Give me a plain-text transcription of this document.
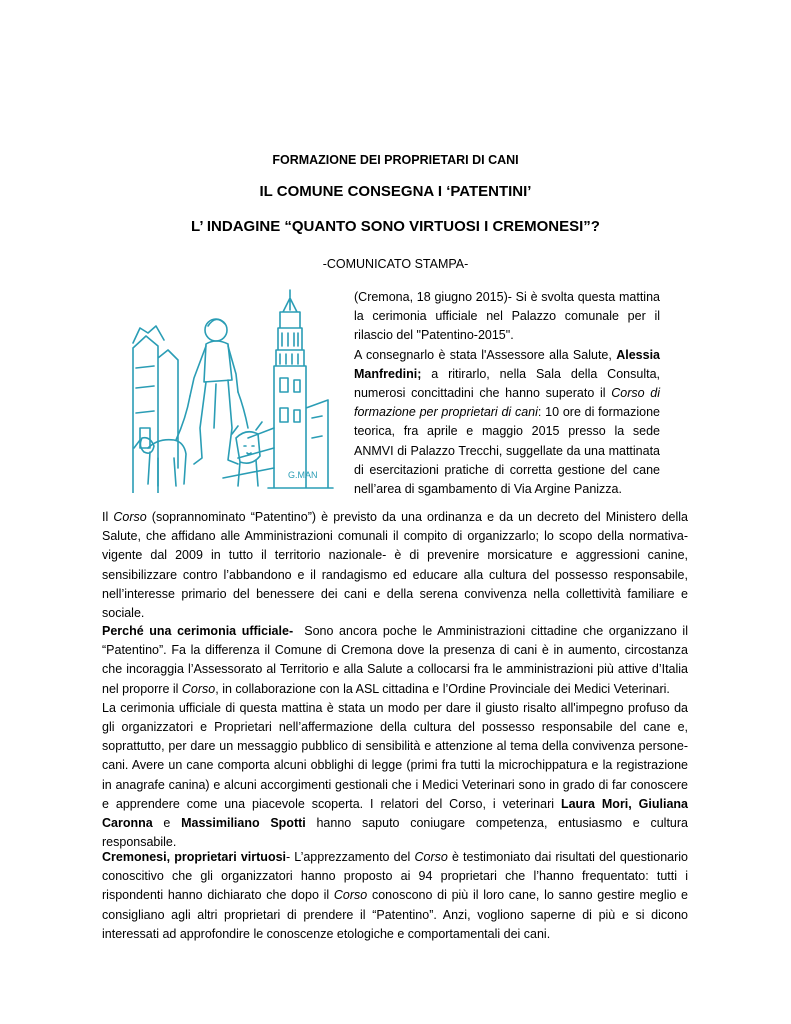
FORMAZIONE DEI PROPRIETARI DI CANI
IL COMUNE CONSEGNA I ‘PATENTINI’
L’ INDAGINE “QUANTO SONO VIRTUOSI I CREMONESI”?
-COMUNICATO STAMPA-
G.MAN

(Cremona, 18 giugno 2015)- Si è svolta questa mattina la cerimonia ufficiale nel Palazzo comunale per il rilascio del "Patentino-2015".

A consegnarlo è stata l'Assessore alla Salute, Alessia Manfredini; a ritirarlo, nella Sala della Consulta, numerosi concittadini che hanno superato il Corso di formazione per proprietari di cani: 10 ore di formazione teorica, fra aprile e maggio 2015 presso la sede ANMVI di Palazzo Trecchi, suggellate da una mattinata di esercitazioni pratiche di corretta gestione del cane nell’area di sgambamento di Via Argine Panizza.

Il Corso (soprannominato “Patentino”) è previsto da una ordinanza e da un decreto del Ministero della Salute, che affidano alle Amministrazioni comunali il compito di organizzarlo; lo scopo della normativa-vigente dal 2009 in tutto il territorio nazionale- è di prevenire morsicature e aggressioni canine, sensibilizzare contro l’abbandono e il randagismo ed educare alla cultura del possesso responsabile, nell’interesse primario del benessere dei cani e della serena convivenza nella collettività familiare e sociale.

Perché una cerimonia ufficiale-  Sono ancora poche le Amministrazioni cittadine che organizzano il “Patentino”. Fa la differenza il Comune di Cremona dove la presenza di cani è in aumento, circostanza che incoraggia l’Assessorato al Territorio e alla Salute a collocarsi fra le amministrazioni più attive d’Italia nel proporre il Corso, in collaborazione con la ASL cittadina e l’Ordine Provinciale dei Medici Veterinari.

La cerimonia ufficiale di questa mattina è stata un modo per dare il giusto risalto all'impegno profuso da gli organizzatori e Proprietari nell’affermazione della cultura del possesso responsabile del cane e, soprattutto, per dare un messaggio pubblico di sensibilità e attenzione al tema della convivenza persone-cani. Avere un cane comporta alcuni obblighi di legge (primi fra tutti la microchippatura e la registrazione in anagrafe canina) e alcuni accorgimenti gestionali che i Medici Veterinari sono in grado di far conoscere e apprendere come una piacevole scoperta. I relatori del Corso, i veterinari Laura Mori, Giuliana Caronna e Massimiliano Spotti hanno saputo coniugare competenza, entusiasmo e cultura responsabile.

Cremonesi, proprietari virtuosi- L’apprezzamento del Corso è testimoniato dai risultati del questionario conoscitivo che gli organizzatori hanno proposto ai 94 proprietari che l’hanno frequentato: tutti i rispondenti hanno dichiarato che dopo il Corso conoscono di più il loro cane, lo sanno gestire meglio e consigliano agli altri proprietari di prendere il “Patentino”. Anzi, vogliono saperne di più e si dicono interessati ad approfondire le conoscenze etologiche e comportamentali dei cani.
